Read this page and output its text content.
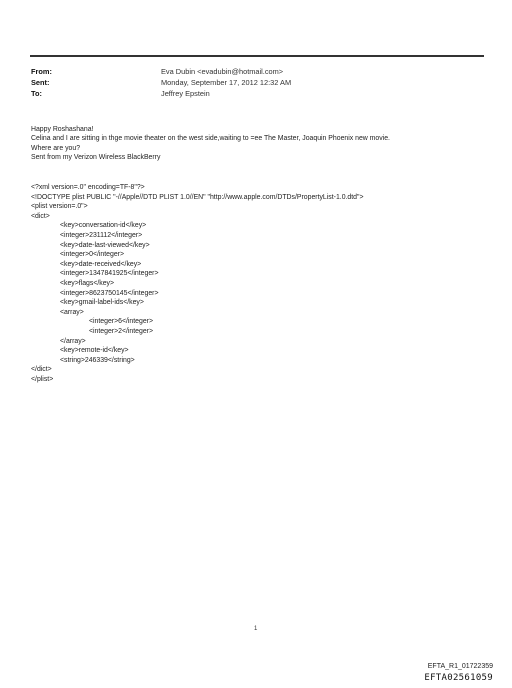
From:	Eva Dubin <evadubin@hotmail.com>
Sent:	Monday, September 17, 2012 12:32 AM
To:	Jeffrey Epstein
Happy Roshashana!
Celina and I are sitting in thge movie theater on the west side,waiting to =ee The Master, Joaquin Phoenix new movie.
Where are you?
Sent from my Verizon Wireless BlackBerry
<?xml version=.0" encoding=TF-8"?>
<!DOCTYPE plist PUBLIC "-//Apple//DTD PLIST 1.0//EN" "http://www.apple.com/DTDs/PropertyList-1.0.dtd">
<plist version=.0">
<dict>
<key>conversation-id</key>
<integer>231112</integer>
<key>date-last-viewed</key>
<integer>0</integer>
<key>date-received</key>
<integer>1347841925</integer>
<key>flags</key>
<integer>8623750145</integer>
<key>gmail-label-ids</key>
<array>
<integer>6</integer>
<integer>2</integer>
</array>
<key>remote-id</key>
<string>246339</string>
</dict>
</plist>
1
EFTA_R1_01722359
EFTA02561059
